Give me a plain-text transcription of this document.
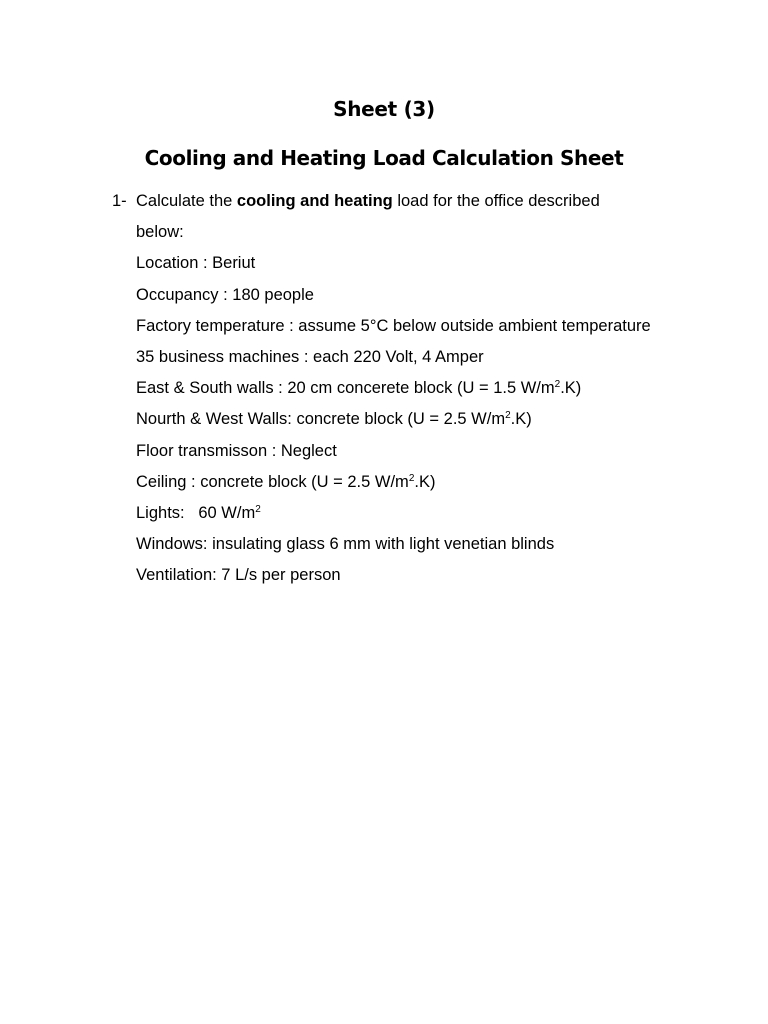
Sheet (3)
Cooling and Heating Load Calculation Sheet
1- Calculate the cooling and heating load for the office described below:
Location : Beriut
Occupancy : 180 people
Factory temperature : assume 5°C below outside ambient temperature
35 business machines : each 220 Volt, 4 Amper
East & South walls : 20 cm concerete block (U = 1.5 $W/m^2.K$)
Nourth & West Walls: concrete block (U = 2.5 $W/m^2.K$)
Floor transmisson : Neglect
Ceiling : concrete block (U = 2.5 $W/m^2.K$)
Lights:   60 $W/m^2$
Windows: insulating glass 6 mm with light venetian blinds
Ventilation: 7 L/s per person
